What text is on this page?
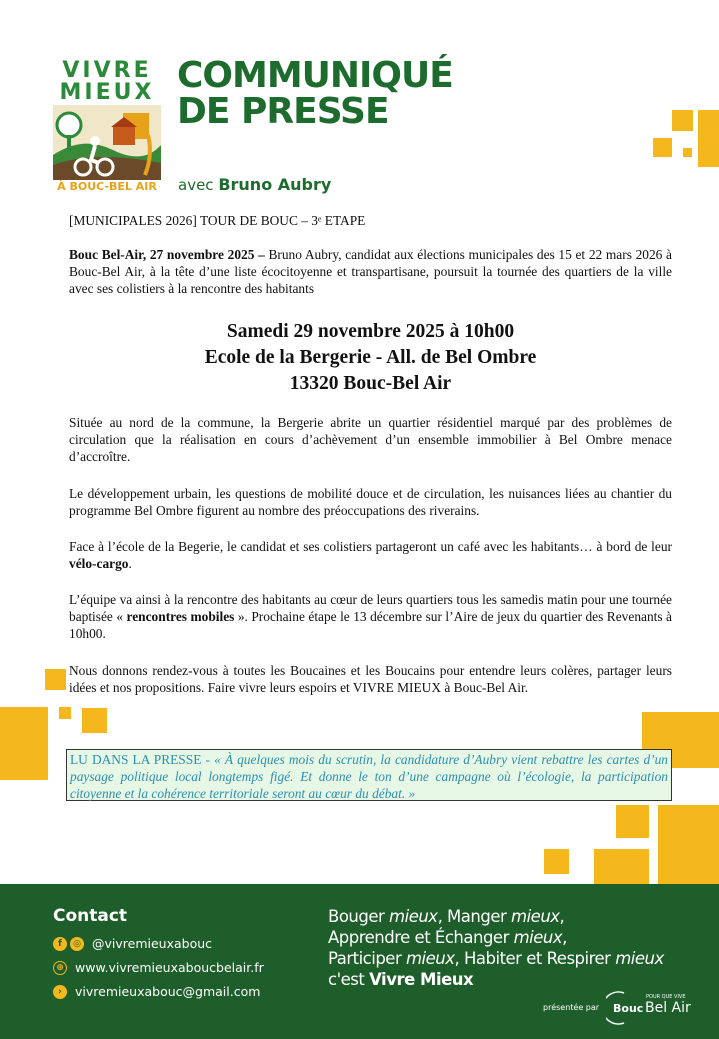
VIVRE
MIEUX
À BOUC-BEL AIR
COMMUNIQUÉ
DE PRESSE
avec Bruno Aubry

[MUNICIPALES 2026] TOUR DE BOUC – 3ᵉ ETAPE

Bouc Bel-Air, 27 novembre 2025 – Bruno Aubry, candidat aux élections municipales des 15 et 22 mars 2026 à Bouc-Bel Air, à la tête d’une liste écocitoyenne et transpartisane, poursuit la tournée des quartiers de la ville avec ses colistiers à la rencontre des habitants

Samedi 29 novembre 2025 à 10h00
Ecole de la Bergerie - All. de Bel Ombre
13320 Bouc-Bel Air

Située au nord de la commune, la Bergerie abrite un quartier résidentiel marqué par des problèmes de circulation que la réalisation en cours d’achèvement d’un ensemble immobilier à Bel Ombre menace d’accroître.

Le développement urbain, les questions de mobilité douce et de circulation, les nuisances liées au chantier du programme Bel Ombre figurent au nombre des préoccupations des riverains.

Face à l’école de la Begerie, le candidat et ses colistiers partageront un café avec les habitants… à bord de leur vélo-cargo.

L’équipe va ainsi à la rencontre des habitants au cœur de leurs quartiers tous les samedis matin pour une tournée baptisée « rencontres mobiles ». Prochaine étape le 13 décembre sur l’Aire de jeux du quartier des Revenants à 10h00.

Nous donnons rendez-vous à toutes les Boucaines et les Boucains pour entendre leurs colères, partager leurs idées et nos propositions. Faire vivre leurs espoirs et VIVRE MIEUX à Bouc-Bel Air.

LU DANS LA PRESSE - « À quelques mois du scrutin, la candidature d’Aubry vient rebattre les cartes d’un paysage politique local longtemps figé. Et donne le ton d’une campagne où l’écologie, la participation citoyenne et la cohérence territoriale seront au cœur du débat. »
Contact
f	◎ @vivremieuxabouc
⊕ www.vivremieuxaboucbelair.fr
›	vivremieuxabouc@gmail.com
Bouger mieux, Manger mieux,
Apprendre et Échanger mieux,
Participer mieux, Habiter et Respirer mieux
c'est Vivre Mieux
présentée par
POUR QUE VIVE
Bouc Bel Air
